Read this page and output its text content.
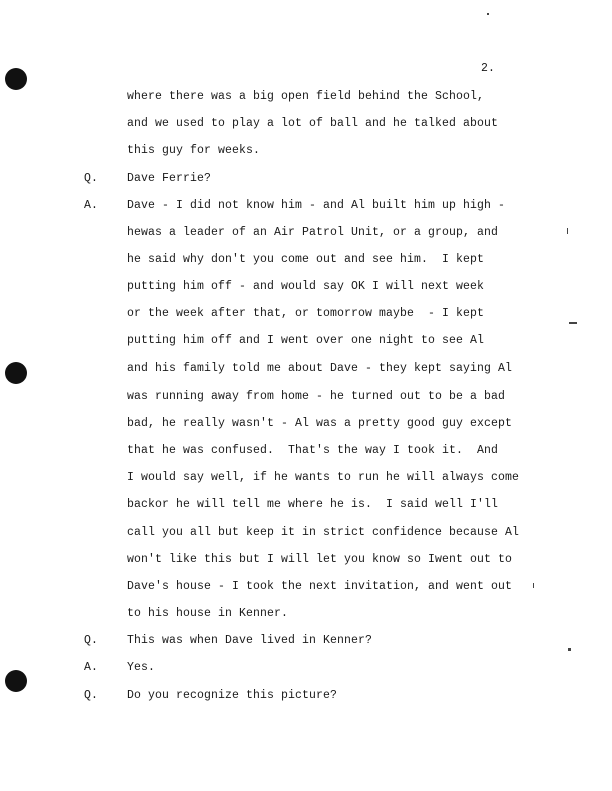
2.
where there was a big open field behind the School,
and we used to play a lot of ball and he talked about
this guy for weeks.
Q.	Dave Ferrie?
A.	Dave - I did not know him - and Al built him up high -
hewas a leader of an Air Patrol Unit, or a group, and
he said why don't you come out and see him.  I kept
putting him off - and would say OK I will next week
or the week after that, or tomorrow maybe  - I kept
putting him off and I went over one night to see Al
and his family told me about Dave - they kept saying Al
was running away from home - he turned out to be a bad
bad, he really wasn't - Al was a pretty good guy except
that he was confused.  That's the way I took it.  And
I would say well, if he wants to run he will always come
backor he will tell me where he is.  I said well I'll
call you all but keep it in strict confidence because Al
won't like this but I will let you know so Iwent out to
Dave's house - I took the next invitation, and went out
to his house in Kenner.
Q.	This was when Dave lived in Kenner?
A.	Yes.
Q.	Do you recognize this picture?
